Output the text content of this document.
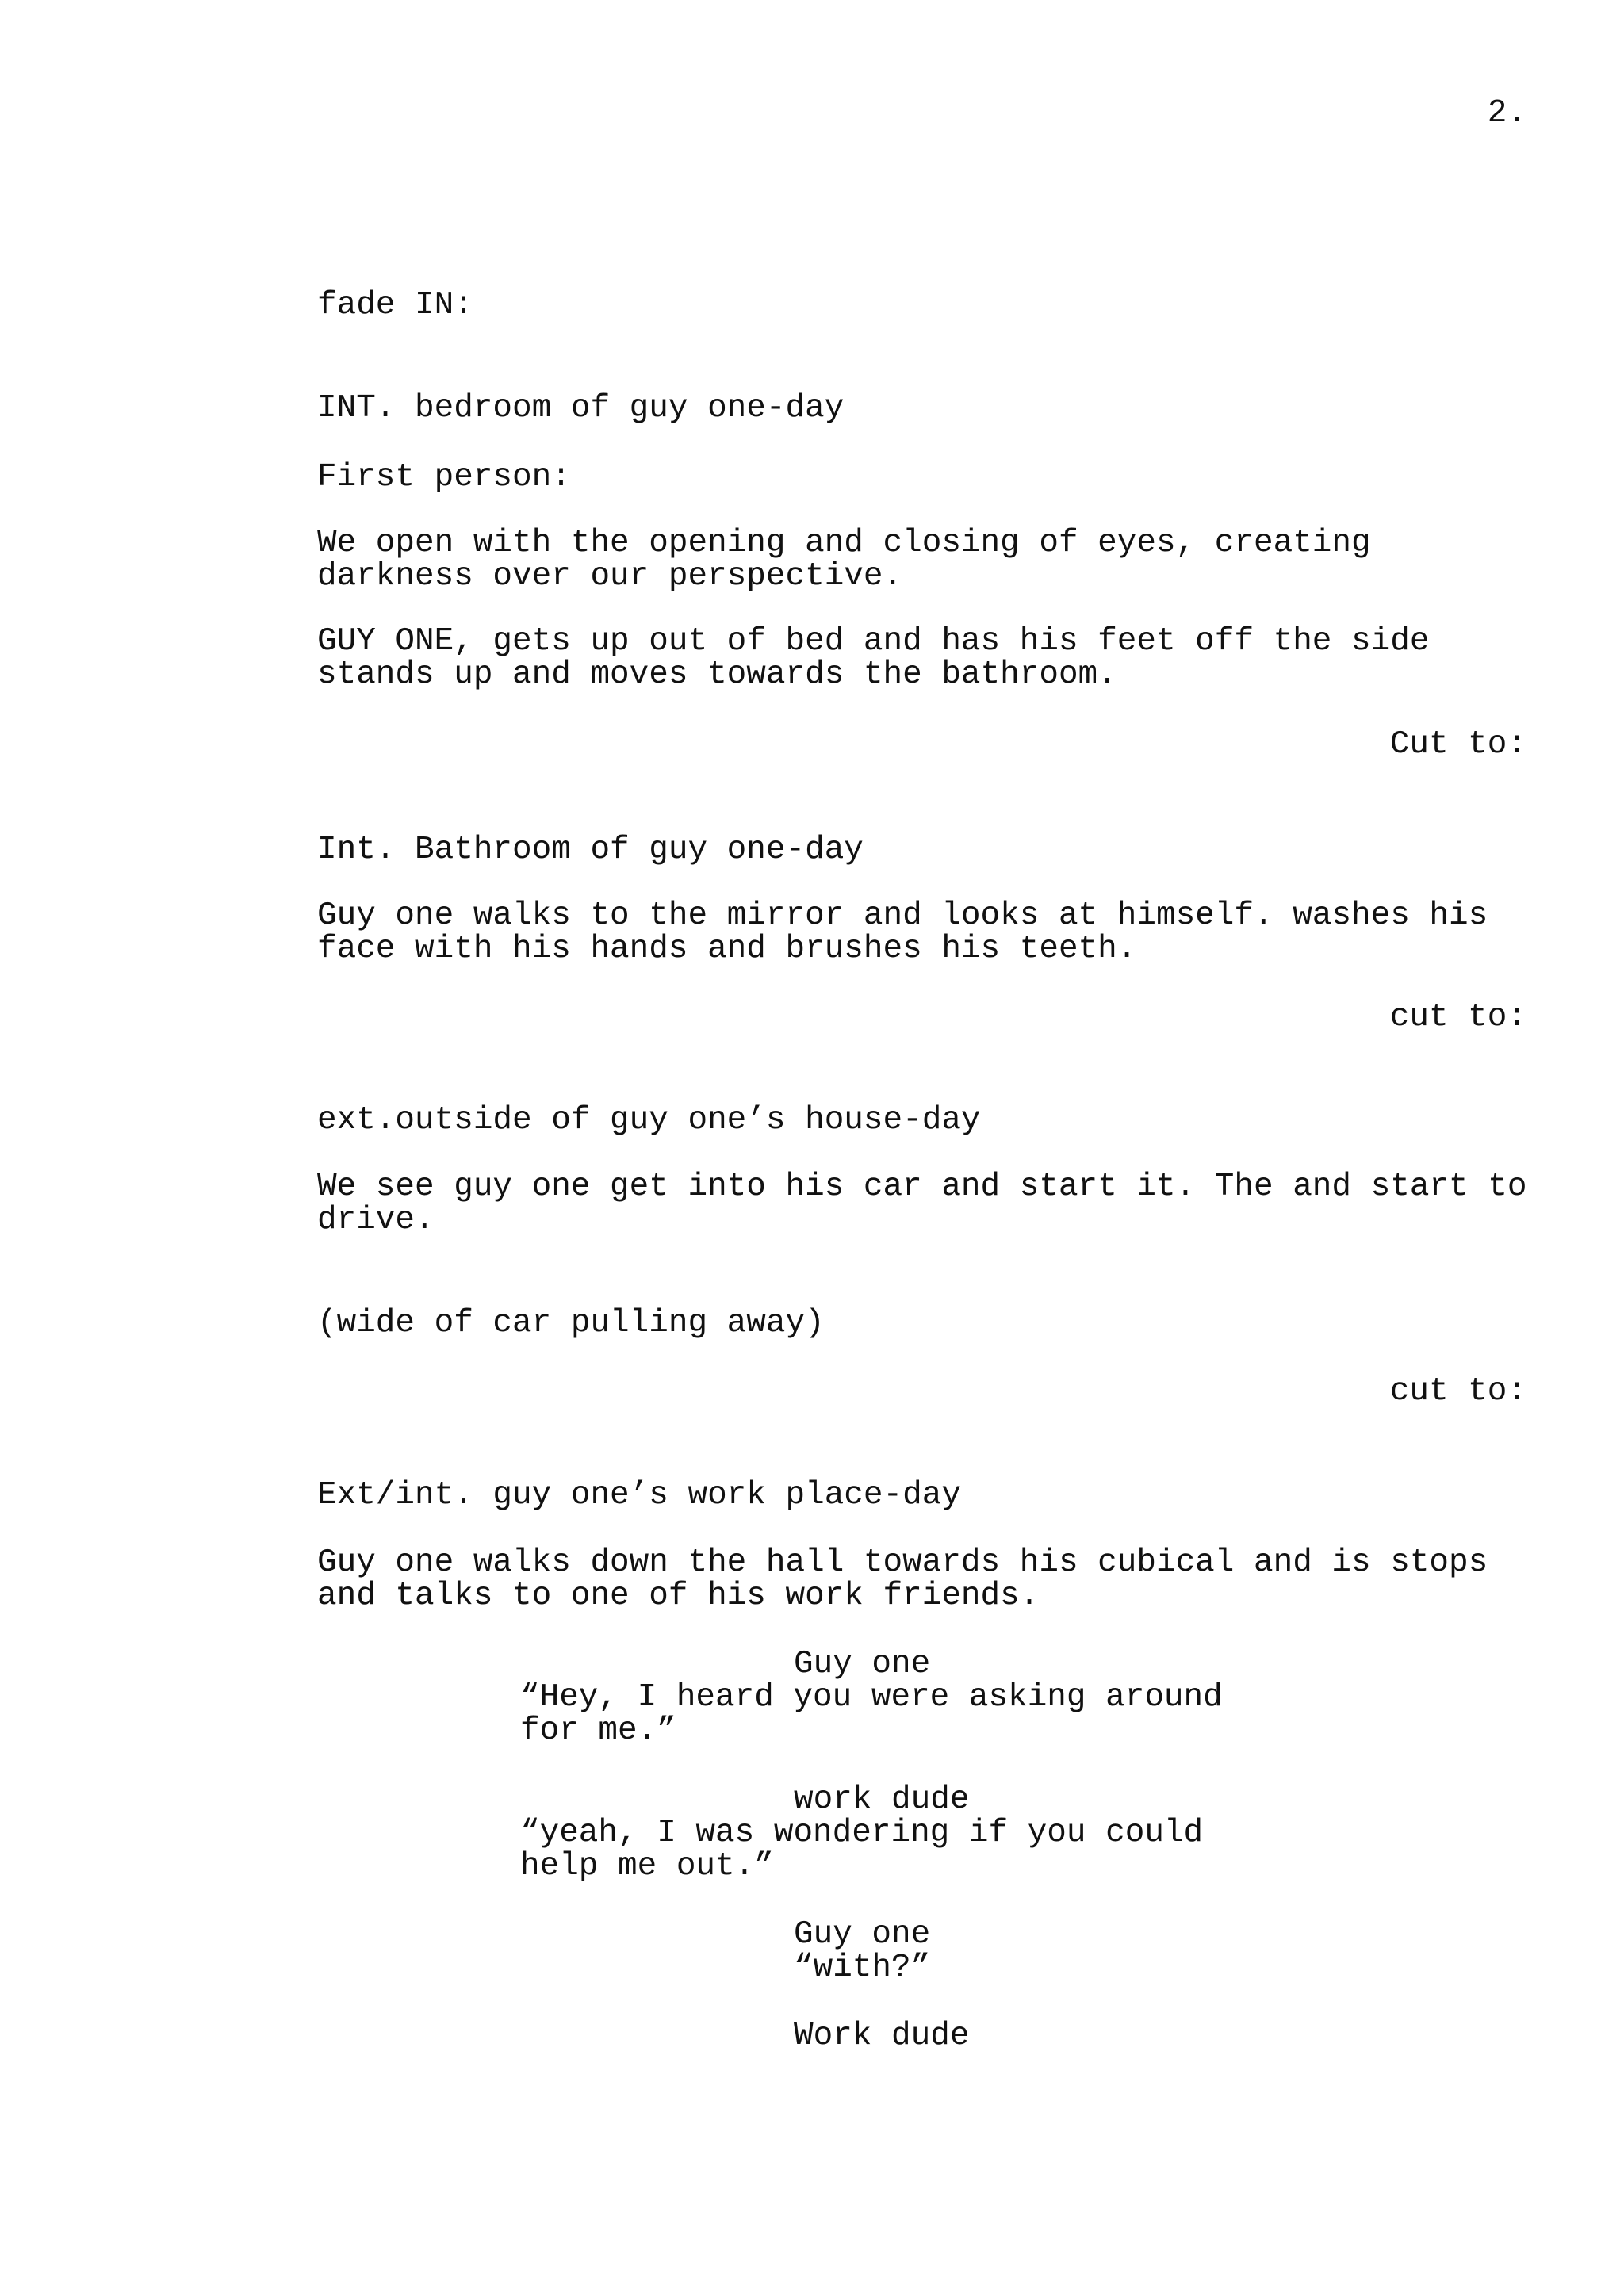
2.
fade IN:
INT. bedroom of guy one-day
First person:
We open with the opening and closing of eyes, creating darkness over our perspective.
GUY ONE, gets up out of bed and has his feet off the side stands up and moves towards the bathroom.
Cut to:
Int. Bathroom of guy one-day
Guy one walks to the mirror and looks at himself. washes his face with his hands and brushes his teeth.
cut to:
ext.outside of guy one’s house-day
We see guy one get into his car and start it. The and start to drive.
(wide of car pulling away)
cut to:
Ext/int. guy one’s work place-day
Guy one walks down the hall towards his cubical and is stops and talks to one of his work friends.
Guy one
“Hey, I heard you were asking around for me.”
work dude
“yeah, I was wondering if you could help me out.”
Guy one
“with?”
Work dude
